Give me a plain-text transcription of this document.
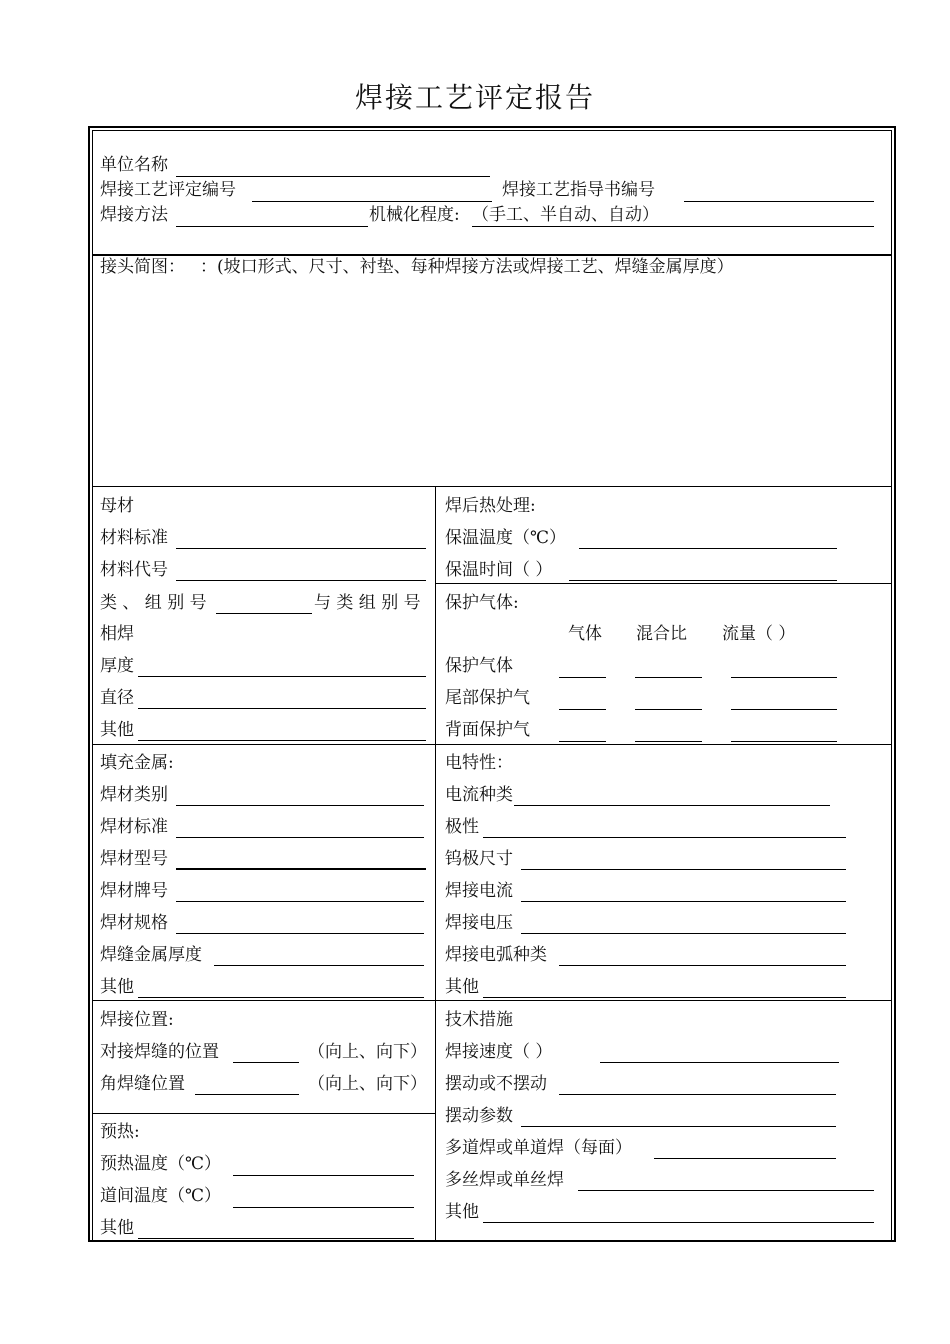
焊接工艺评定报告
单位名称
焊接工艺评定编号	焊接工艺指导书编号
焊接方法	机械化程度: （手工、半自动、自动）
接头简图： ：(坡口形式、尺寸、衬垫、每种焊接方法或焊接工艺、焊缝金属厚度）
母材
材料标准
材料代号
类 、 组 别 号	与 类 组 别 号
相焊
厚度
直径
其他
焊后热处理:
保温温度（℃）
保温时间（ ）
保护气体:
气体 混合比 流量（ ）
保护气体
尾部保护气
背面保护气
填充金属:
焊材类别
焊材标准
焊材型号
焊材牌号
焊材规格
焊缝金属厚度
其他
电特性：
电流种类
极性
钨极尺寸
焊接电流
焊接电压
焊接电弧种类
其他
焊接位置:
对接焊缝的位置	（向上、向下）
角焊缝位置	（向上、向下）
预热:
预热温度（℃）
道间温度（℃）
其他
技术措施
焊接速度（ ）
摆动或不摆动
摆动参数
多道焊或单道焊（每面）
多丝焊或单丝焊
其他
